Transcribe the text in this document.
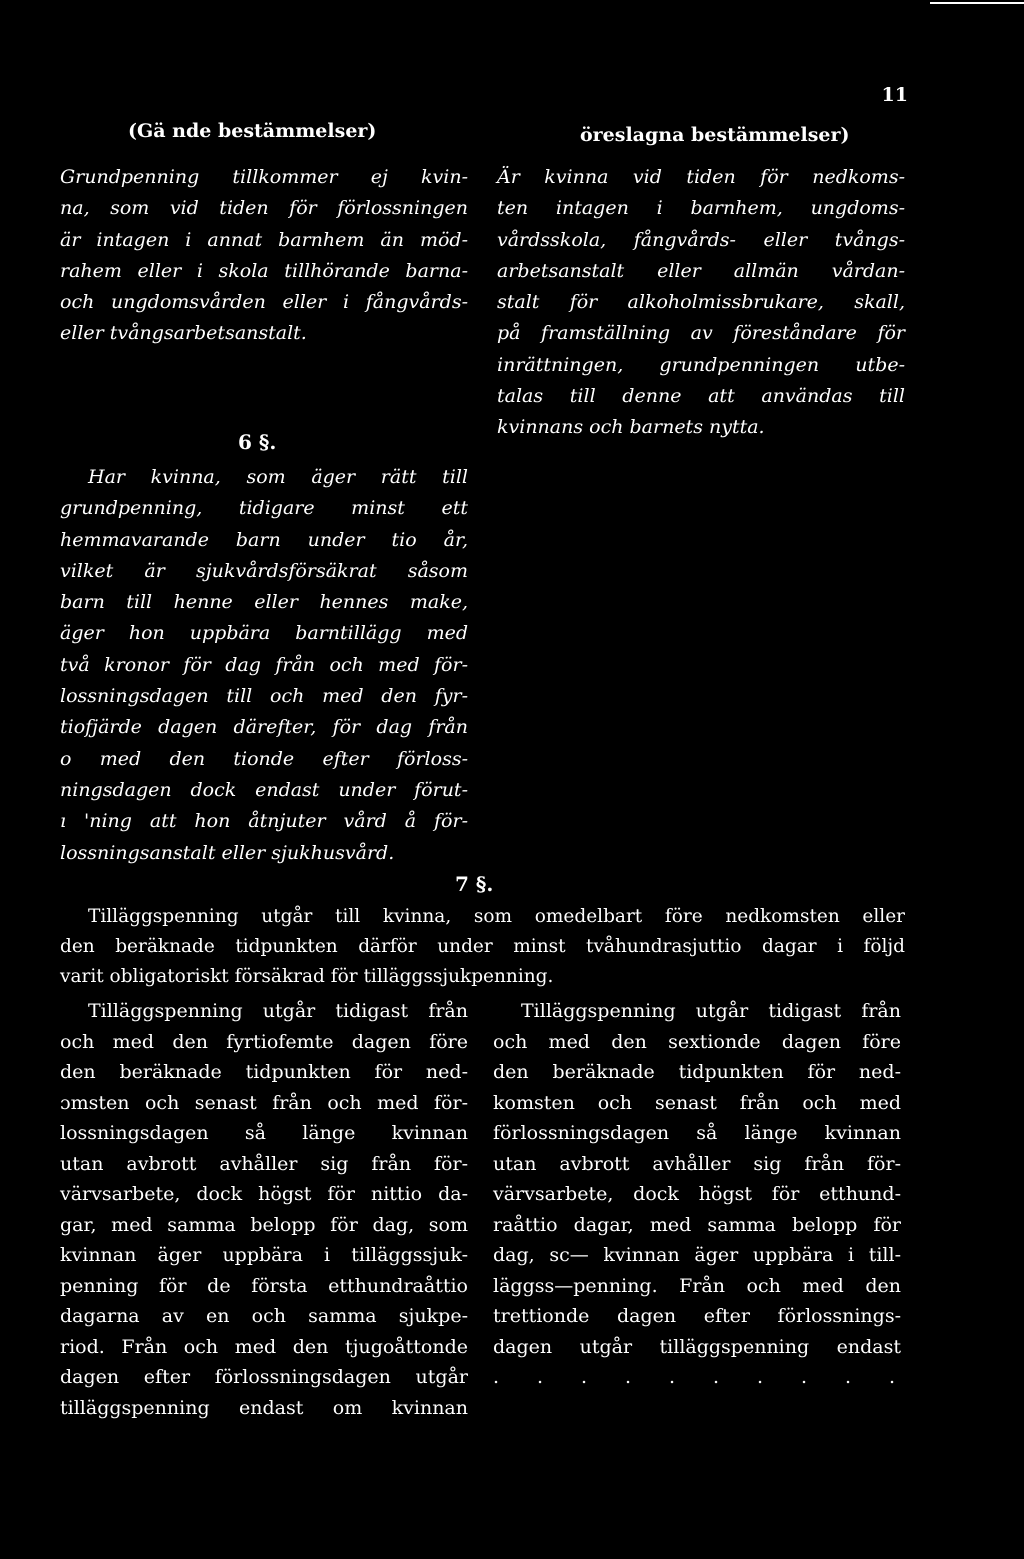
11
(Gä nde bestämmelser)	öreslagna bestämmelser)
Grundpenning tillkommer ej kvin-
na, som vid tiden för förlossningen
är intagen i annat barnhem än möd-
rahem eller i skola tillhörande barna-
och ungdomsvården eller i fångvårds-
eller tvångsarbetsanstalt.
Är kvinna vid tiden för nedkoms-
ten intagen i barnhem, ungdoms-
vårdsskola, fångvårds- eller tvångs-
arbetsanstalt eller allmän vårdan-
stalt för alkoholmissbrukare, skall,
på framställning av föreståndare för
inrättningen, grundpenningen utbe-
talas till denne att användas till
kvinnans och barnets nytta.
6 §.
Har kvinna, som äger rätt till
grundpenning, tidigare minst ett
hemmavarande barn under tio år,
vilket är sjukvårdsförsäkrat såsom
barn till henne eller hennes make,
äger hon uppbära barntillägg med
två kronor för dag från och med för-
lossningsdagen till och med den fyr-
tiofjärde dagen därefter, för dag från
o med den tionde efter förloss-
ningsdagen dock endast under förut-
ı 'ning att hon åtnjuter vård å för-
lossningsanstalt eller sjukhusvård.
7 §.
Tilläggspenning utgår till kvinna, som omedelbart före nedkomsten eller
den beräknade tidpunkten därför under minst tvåhundrasjuttio dagar i följd
varit obligatoriskt försäkrad för tilläggssjukpenning.
Tilläggspenning utgår tidigast från
och med den fyrtiofemte dagen före
den beräknade tidpunkten för ned-
ɔmsten och senast från och med för-
lossningsdagen så länge kvinnan
utan avbrott avhåller sig från för-
värvsarbete, dock högst för nittio da-
gar, med samma belopp för dag, som
kvinnan äger uppbära i tilläggssjuk-
penning för de första etthundraåttio
dagarna av en och samma sjukpe-
riod. Från och med den tjugoåttonde
dagen efter förlossningsdagen utgår
tilläggspenning endast om kvinnan
Tilläggspenning utgår tidigast från
och med den sextionde dagen före
den beräknade tidpunkten för ned-
komsten och senast från och med
förlossningsdagen så länge kvinnan
utan avbrott avhåller sig från för-
värvsarbete, dock högst för etthund-
raåttio dagar, med samma belopp för
dag, sc— kvinnan äger uppbära i till-
läggss—penning. Från och med den
trettionde dagen efter förlossnings-
dagen utgår tilläggspenning endast
. . . . . . . . . .
